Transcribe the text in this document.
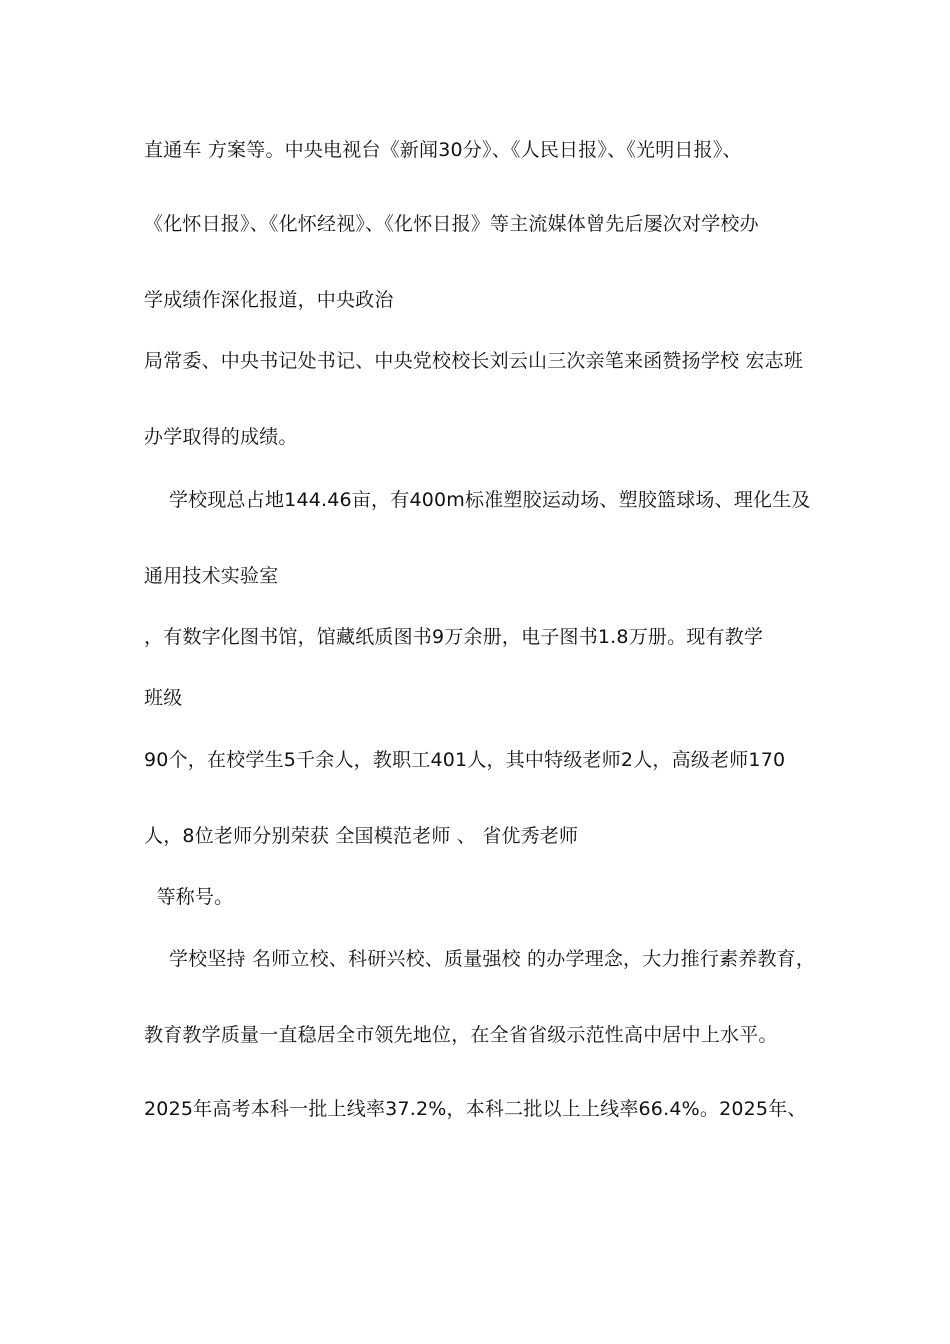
直通车 方案等。中央电视台《新闻30分》、《人民日报》、《光明日报》、
《化怀日报》、《化怀经视》、《化怀日报》等主流媒体曾先后屡次对学校办
学成绩作深化报道，中央政治
局常委、中央书记处书记、中央党校校长刘云山三次亲笔来函赞扬学校 宏志班
办学取得的成绩。
学校现总占地144.46亩，有400m标准塑胶运动场、塑胶篮球场、理化生及
通用技术实验室
，有数字化图书馆，馆藏纸质图书9万余册，电子图书1.8万册。现有教学
班级
90个，在校学生5千余人，教职工401人，其中特级老师2人，高级老师170
人，8位老师分别荣获 全国模范老师 、 省优秀老师
等称号。
学校坚持 名师立校、科研兴校、质量强校 的办学理念，大力推行素养教育，
教育教学质量一直稳居全市领先地位，在全省省级示范性高中居中上水平。
2025年高考本科一批上线率37.2%，本科二批以上上线率66.4%。2025年、
